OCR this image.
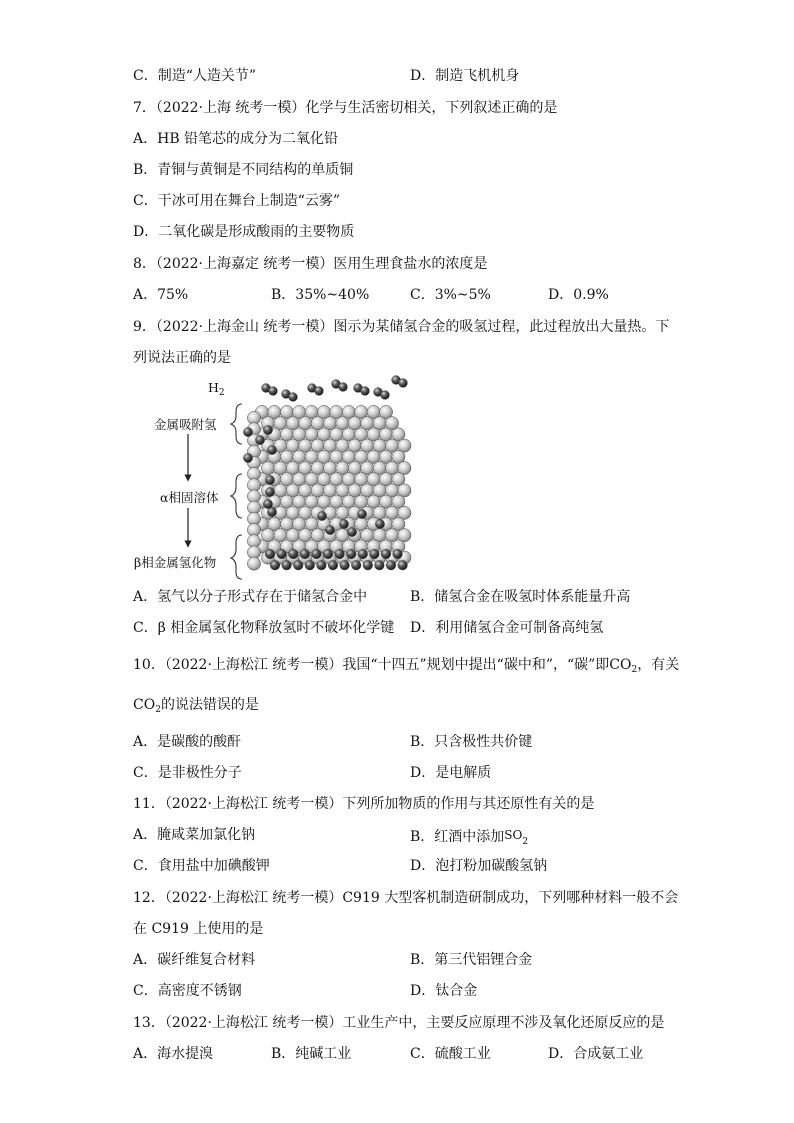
C．制造“人造关节”	D．制造飞机机身
7．（2022·上海 统考一模）化学与生活密切相关，下列叙述正确的是
A．HB 铅笔芯的成分为二氧化铅
B．青铜与黄铜是不同结构的单质铜
C．干冰可用在舞台上制造“云雾”
D．二氧化碳是形成酸雨的主要物质
8．（2022·上海嘉定 统考一模）医用生理食盐水的浓度是
A．75%	B．35%~40%	C．3%~5%	D．0.9%
9．（2022·上海金山 统考一模）图示为某储氢合金的吸氢过程，此过程放出大量热。下
列说法正确的是
$H_2$
金属吸附氢
α相固溶体
β相金属氢化物
A．氢气以分子形式存在于储氢合金中	B．储氢合金在吸氢时体系能量升高
C．β 相金属氢化物释放氢时不破坏化学键 D．利用储氢合金可制备高纯氢
10．（2022·上海松江 统考一模）我国“十四五”规划中提出“碳中和”，“碳”即$CO_2$，有关
$CO_2$的说法错误的是
A．是碳酸的酸酐	B．只含极性共价键
C．是非极性分子	D．是电解质
11．（2022·上海松江 统考一模）下列所加物质的作用与其还原性有关的是
A．腌咸菜加氯化钠	B．红酒中添加$SO_2$
C．食用盐中加碘酸钾	D．泡打粉加碳酸氢钠
12．（2022·上海松江 统考一模）C919 大型客机制造研制成功，下列哪种材料一般不会
在 C919 上使用的是
A．碳纤维复合材料	B．第三代铝锂合金
C．高密度不锈钢	D．钛合金
13．（2022·上海松江 统考一模）工业生产中，主要反应原理不涉及氧化还原反应的是
A．海水提溴	B．纯碱工业	C．硫酸工业	D．合成氨工业
